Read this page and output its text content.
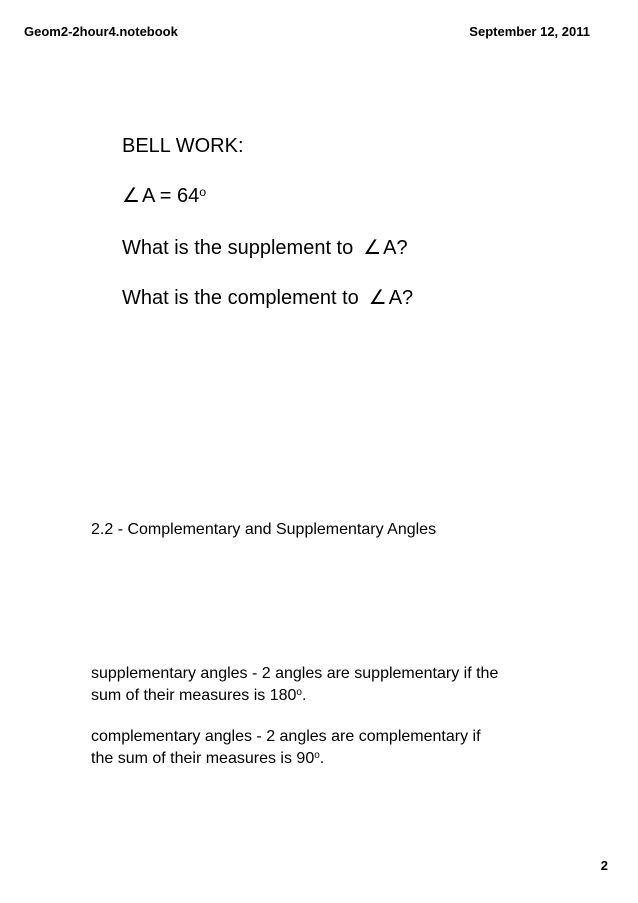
Geom2-2hour4.notebook	September 12, 2011
BELL WORK:
∠ $A = 64^o$
What is the supplement to ∠ A?
What is the complement to ∠ A?
2.2 - Complementary and Supplementary Angles
supplementary angles - 2 angles are supplementary if the
sum of their measures is 180$^o$.
complementary angles - 2 angles are complementary if
the sum of their measures is 90$^o$.
2
